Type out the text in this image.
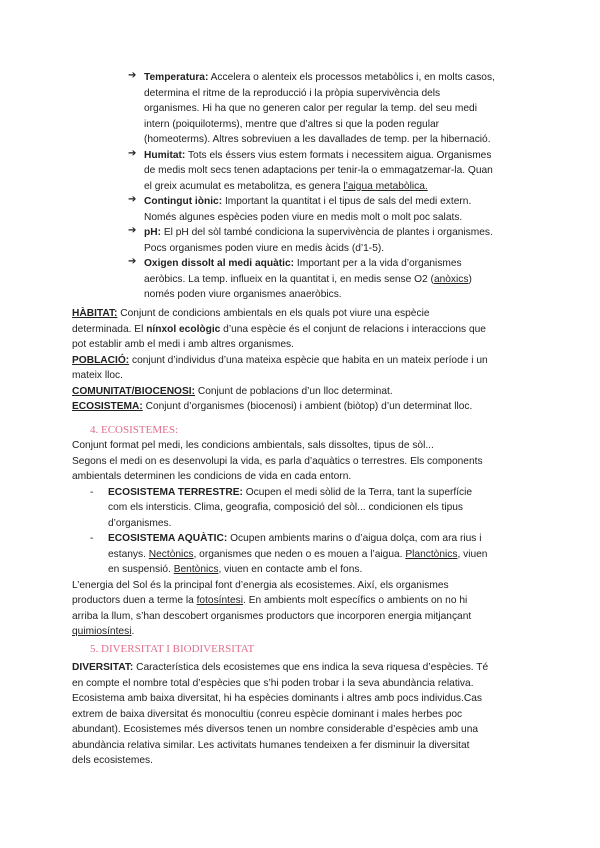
➔ Temperatura: Accelera o alenteix els processos metabòlics i, en molts casos,
determina el ritme de la reproducció i la pròpia supervivència dels
organismes. Hi ha que no generen calor per regular la temp. del seu medi
intern (poiquiloterms), mentre que d’altres si que la poden regular
(homeoterms). Altres sobreviuen a les davallades de temp. per la hibernació.
➔ Humitat: Tots els éssers vius estem formats i necessitem aigua. Organismes
de medis molt secs tenen adaptacions per tenir-la o emmagatzemar-la. Quan
el greix acumulat es metabolitza, es genera l’aigua metabòlica.
➔ Contingut iònic: Important la quantitat i el tipus de sals del medi extern.
Només algunes espècies poden viure en medis molt o molt poc salats.
➔ pH: El pH del sòl també condiciona la supervivència de plantes i organismes.
Pocs organismes poden viure en medis àcids (d’1-5).
➔ Oxigen dissolt al medi aquàtic: Important per a la vida d’organismes
aeròbics. La temp. influeix en la quantitat i, en medis sense O2 (anòxics)
només poden viure organismes anaeròbics.
HÀBITAT: Conjunt de condicions ambientals en els quals pot viure una espècie
determinada. El nínxol ecològic d’una espècie és el conjunt de relacions i interaccions que
pot establir amb el medi i amb altres organismes.
POBLACIÓ: conjunt d’individus d’una mateixa espècie que habita en un mateix període i un
mateix lloc.
COMUNITAT/BIOCENOSI: Conjunt de poblacions d’un lloc determinat.
ECOSISTEMA: Conjunt d’organismes (biocenosi) i ambient (biòtop) d’un determinat lloc.
4. ECOSISTEMES:
Conjunt format pel medi, les condicions ambientals, sals dissoltes, tipus de sòl...
Segons el medi on es desenvolupi la vida, es parla d’aquàtics o terrestres. Els components
ambientals determinen les condicions de vida en cada entorn.
-	ECOSISTEMA TERRESTRE: Ocupen el medi sòlid de la Terra, tant la superfície
com els intersticis. Clima, geografia, composició del sòl... condicionen els tipus
d’organismes.
-	ECOSISTEMA AQUÀTIC: Ocupen ambients marins o d’aigua dolça, com ara rius i
estanys. Nectònics, organismes que neden o es mouen a l’aigua. Planctònics, viuen
en suspensió. Bentònics, viuen en contacte amb el fons.
L’energia del Sol és la principal font d’energia als ecosistemes. Així, els organismes
productors duen a terme la fotosíntesi. En ambients molt específics o ambients on no hi
arriba la llum, s’han descobert organismes productors que incorporen energia mitjançant
quimiosíntesi.
5. DIVERSITAT I BIODIVERSITAT
DIVERSITAT: Característica dels ecosistemes que ens indica la seva riquesa d’espècies. Té
en compte el nombre total d’espècies que s’hi poden trobar i la seva abundància relativa.
Ecosistema amb baixa diversitat, hi ha espècies dominants i altres amb pocs individus.Cas
extrem de baixa diversitat és monocultiu (conreu espècie dominant i males herbes poc
abundant). Ecosistemes més diversos tenen un nombre considerable d’espècies amb una
abundància relativa similar. Les activitats humanes tendeixen a fer disminuir la diversitat
dels ecosistemes.
